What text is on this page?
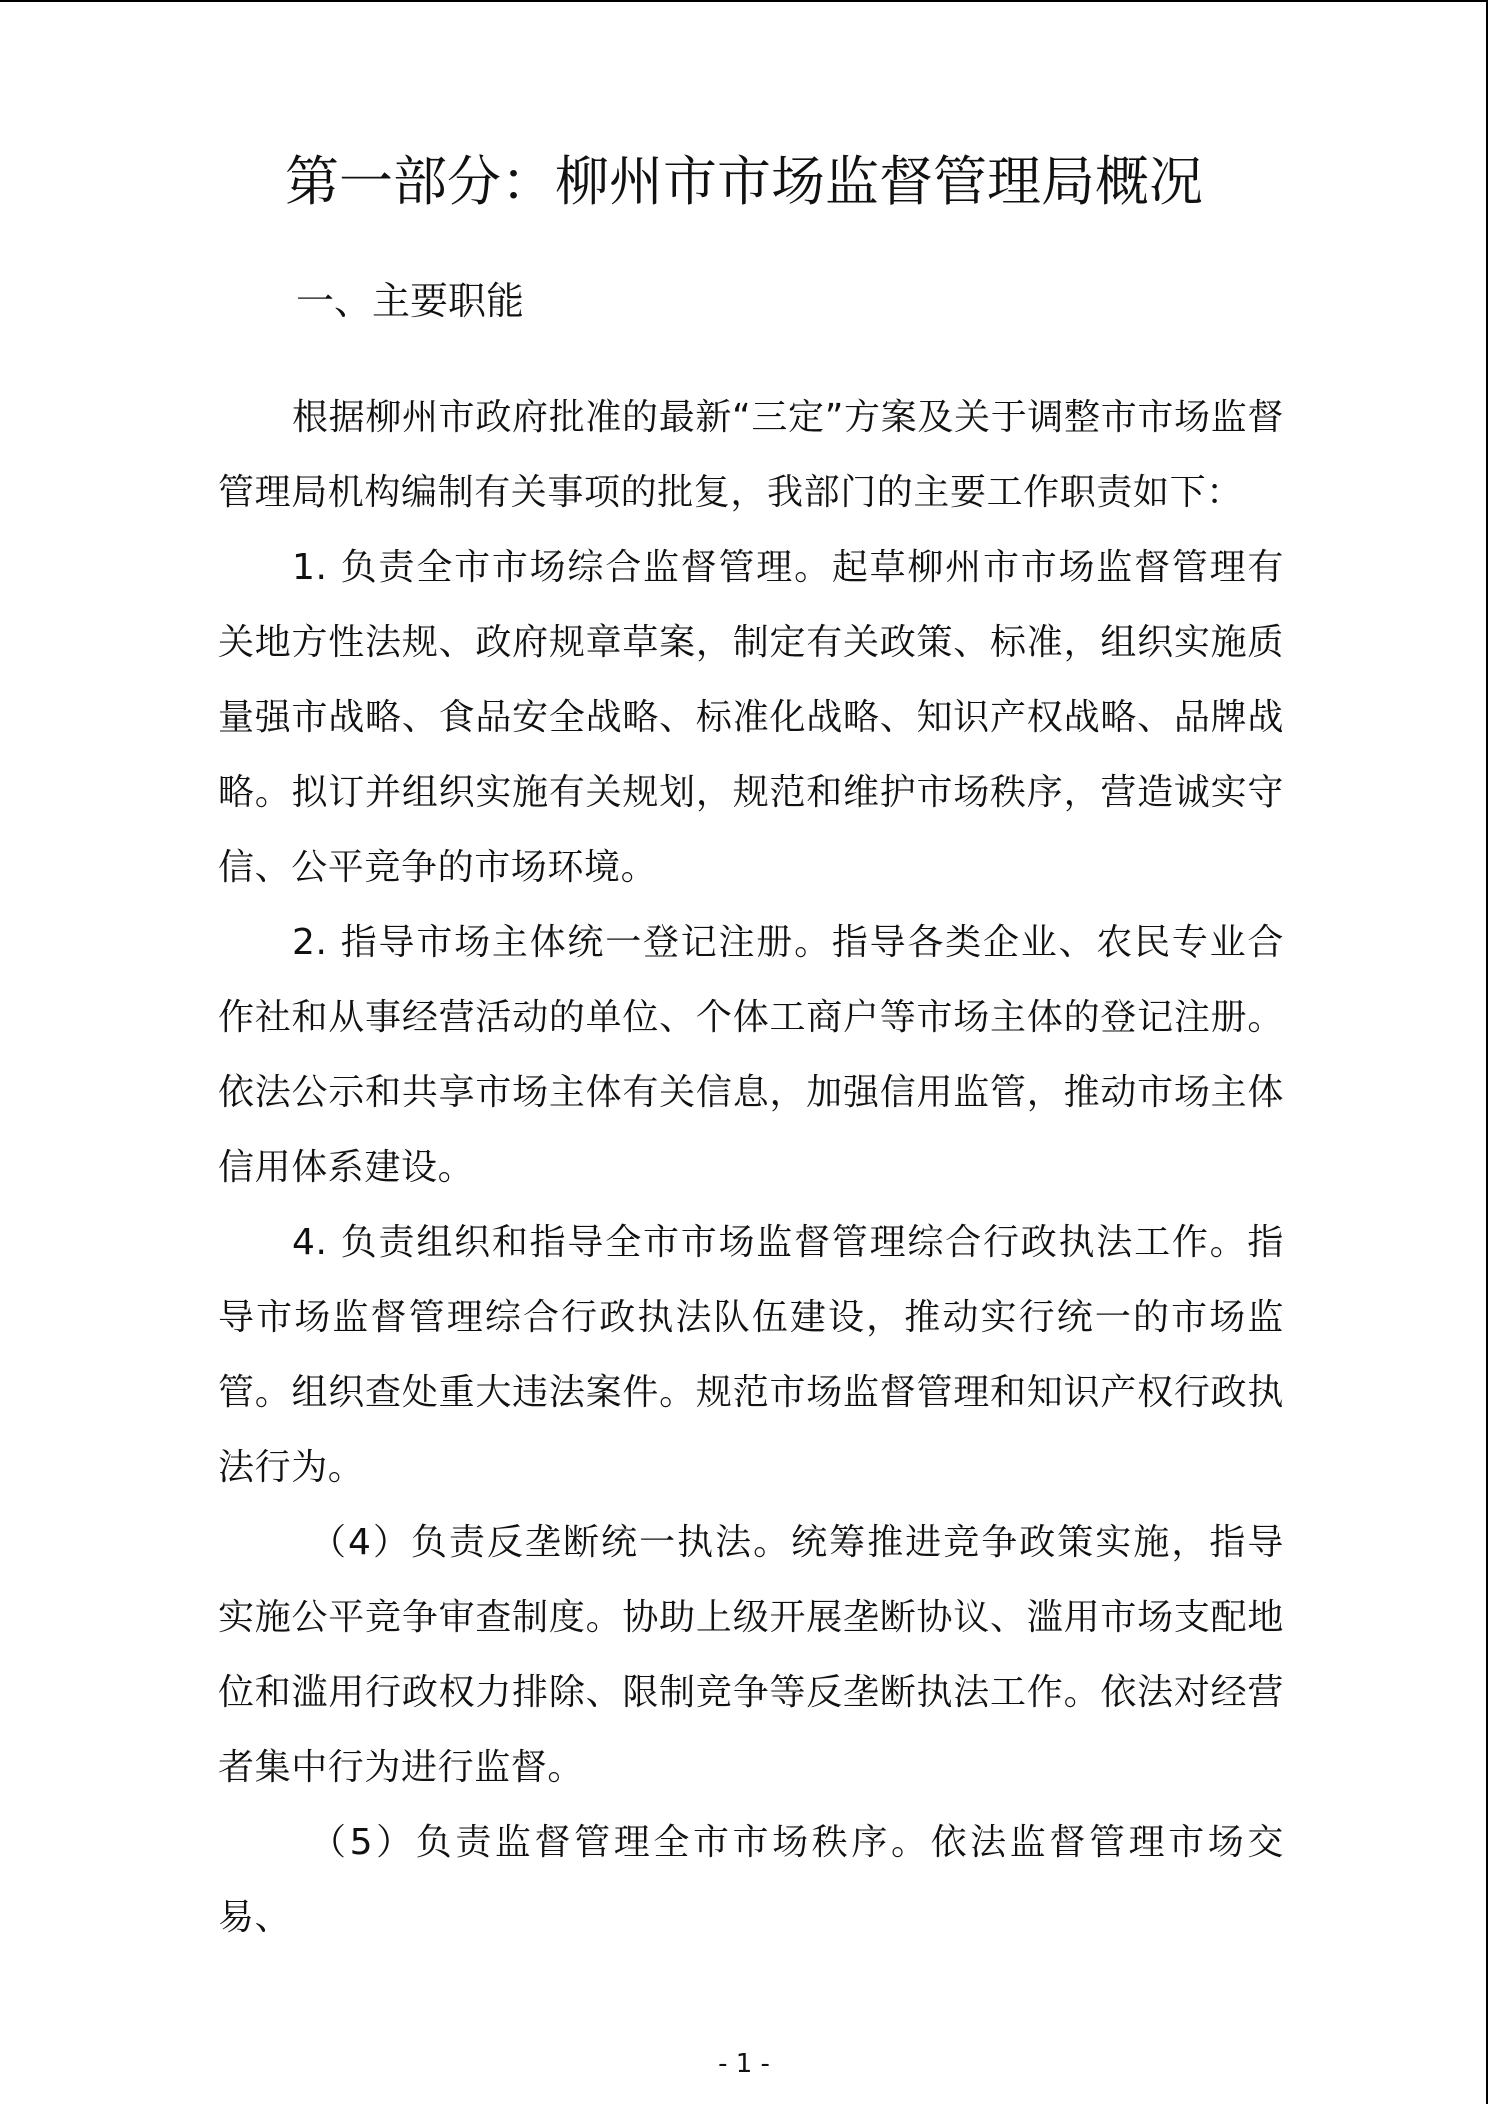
第一部分：柳州市市场监督管理局概况
一、主要职能

根据柳州市政府批准的最新“三定”方案及关于调整市市场监督管理局机构编制有关事项的批复，我部门的主要工作职责如下：

1. 负责全市市场综合监督管理。起草柳州市市场监督管理有关地方性法规、政府规章草案，制定有关政策、标准，组织实施质量强市战略、食品安全战略、标准化战略、知识产权战略、品牌战略。拟订并组织实施有关规划，规范和维护市场秩序，营造诚实守信、公平竞争的市场环境。

2. 指导市场主体统一登记注册。指导各类企业、农民专业合作社和从事经营活动的单位、个体工商户等市场主体的登记注册。依法公示和共享市场主体有关信息，加强信用监管，推动市场主体信用体系建设。

4. 负责组织和指导全市市场监督管理综合行政执法工作。指导市场监督管理综合行政执法队伍建设，推动实行统一的市场监管。组织查处重大违法案件。规范市场监督管理和知识产权行政执法行为。

（4）负责反垄断统一执法。统筹推进竞争政策实施，指导实施公平竞争审查制度。协助上级开展垄断协议、滥用市场支配地位和滥用行政权力排除、限制竞争等反垄断执法工作。依法对经营者集中行为进行监督。

（5）负责监督管理全市市场秩序。依法监督管理市场交易、

- 1 -
